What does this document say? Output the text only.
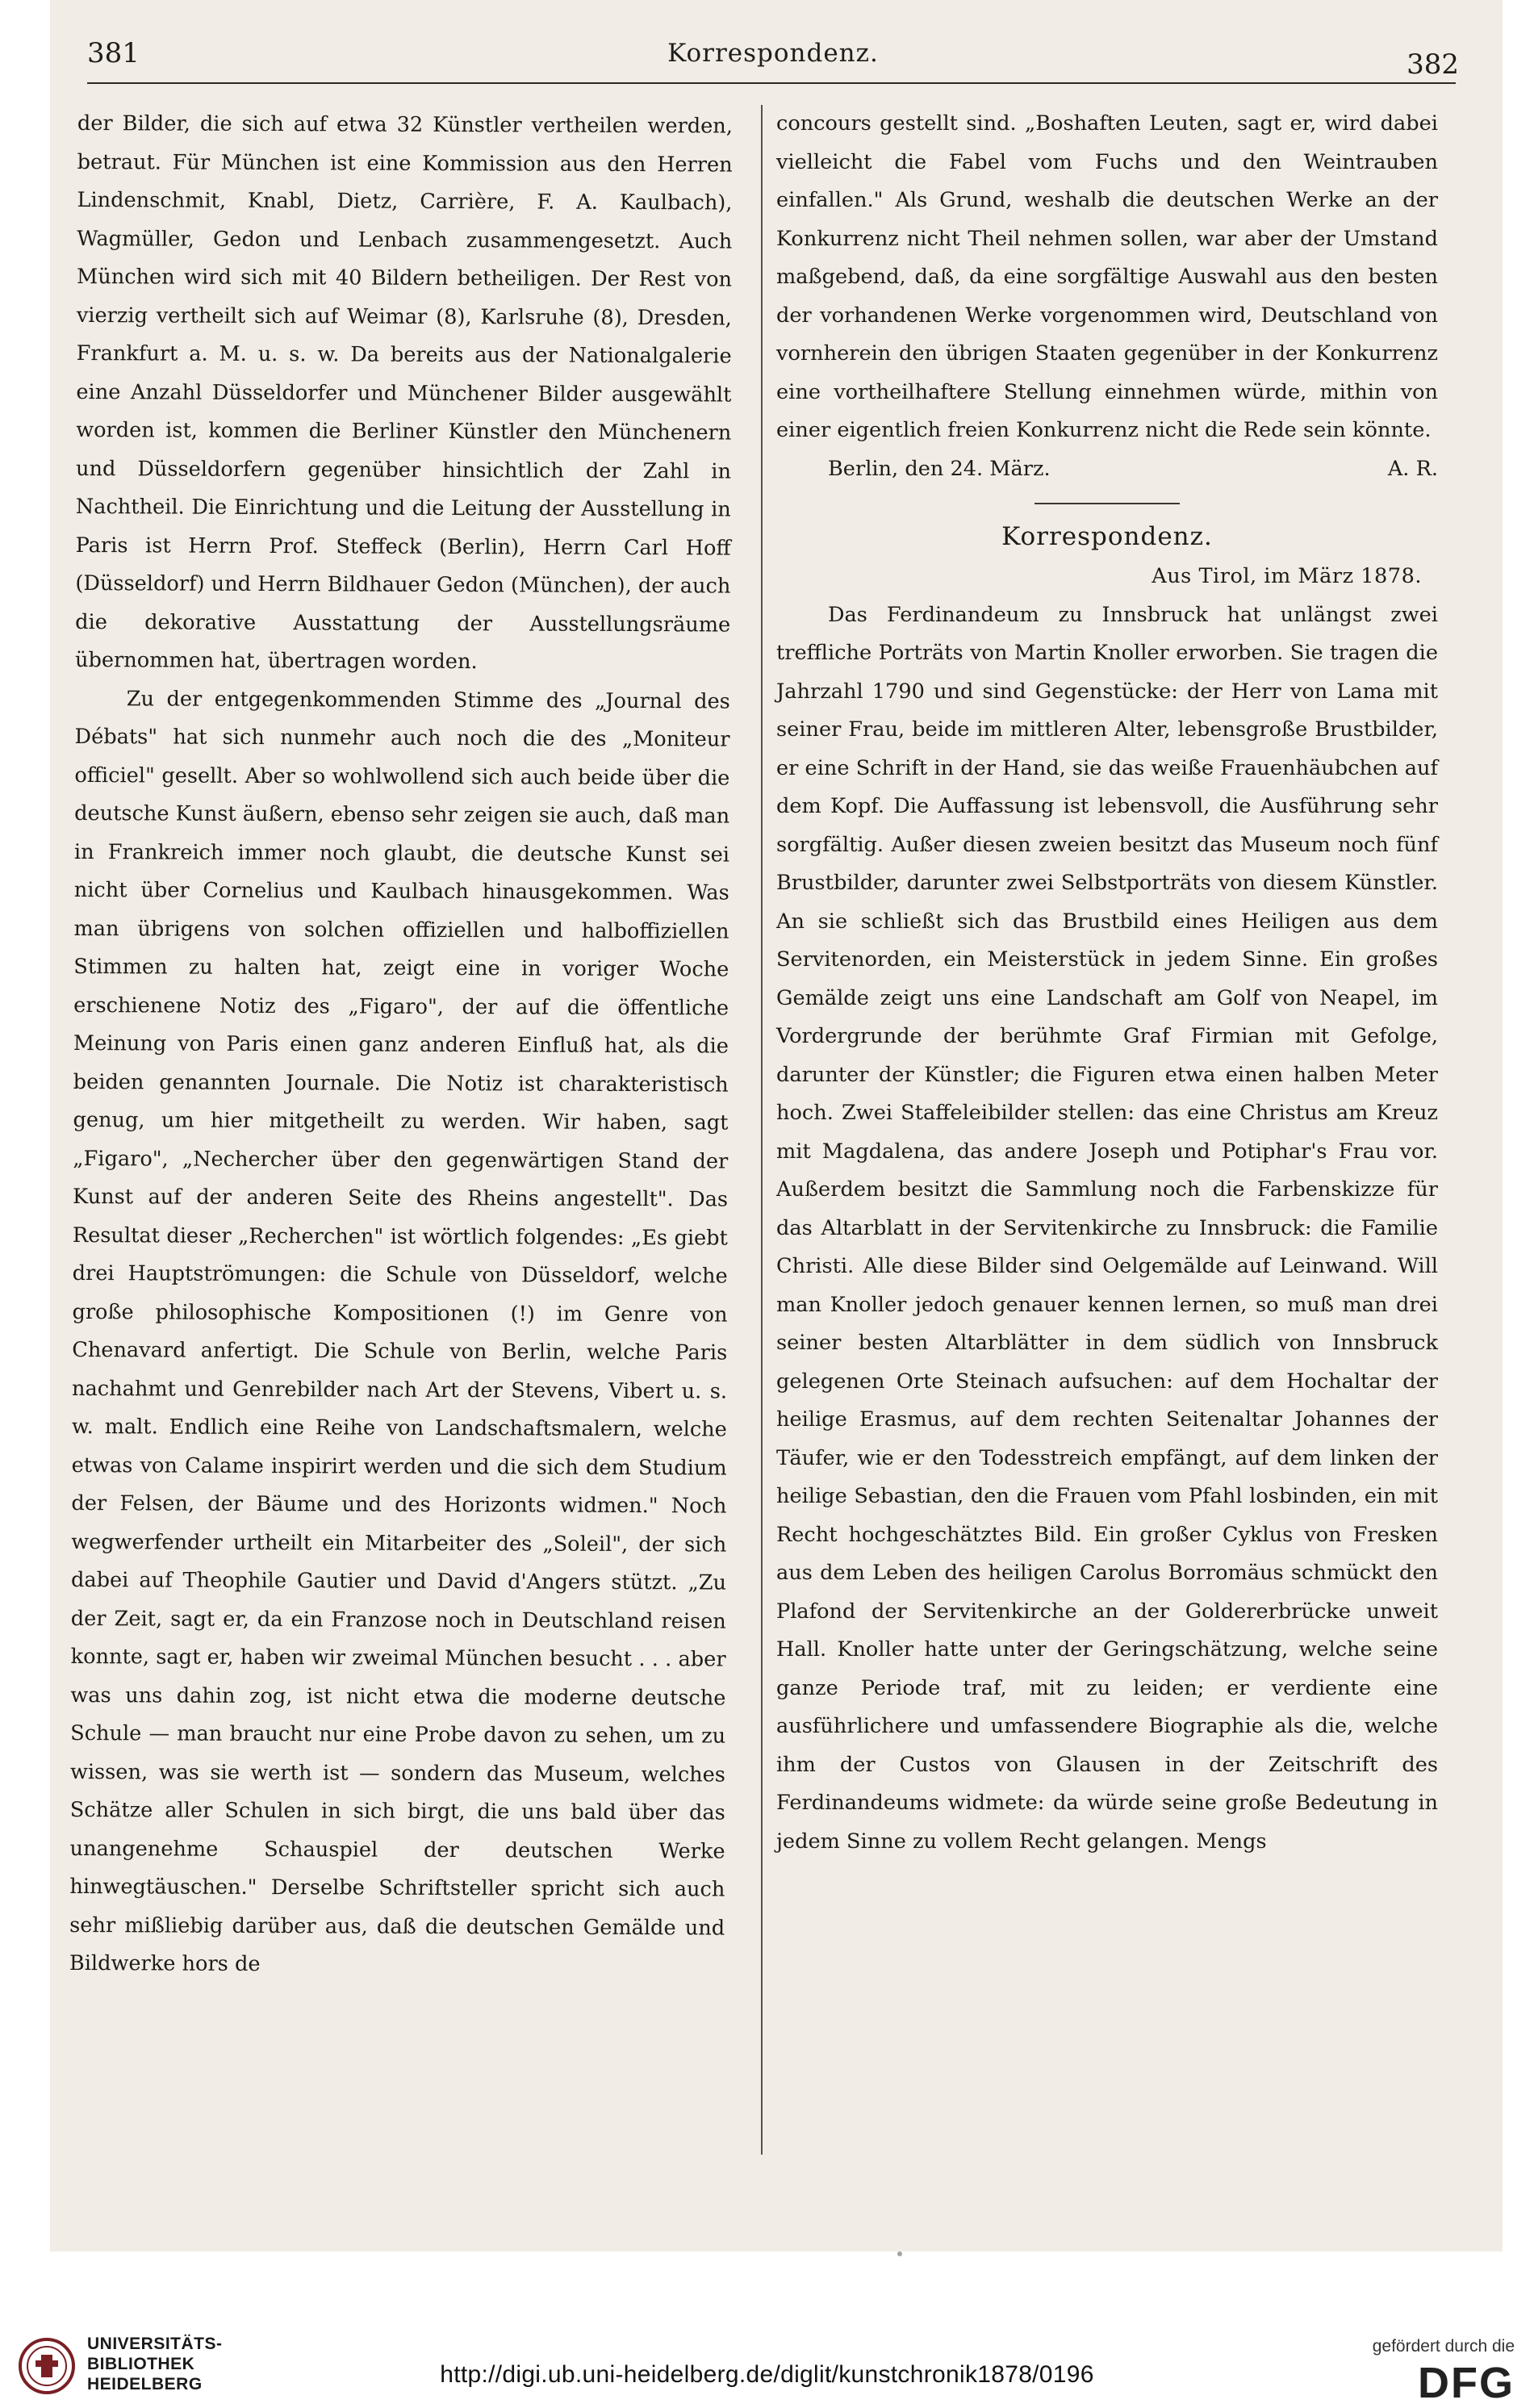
381	Korrespondenz.	382

der Bilder, die sich auf etwa 32 Künstler vertheilen werden, betraut. Für München ist eine Kommission aus den Herren Lindenschmit, Knabl, Dietz, Carrière, F. A. Kaulbach), Wagmüller, Gedon und Lenbach zusammengesetzt. Auch München wird sich mit 40 Bildern betheiligen. Der Rest von vierzig vertheilt sich auf Weimar (8), Karlsruhe (8), Dresden, Frankfurt a. M. u. s. w. Da bereits aus der Nationalgalerie eine Anzahl Düsseldorfer und Münchener Bilder ausgewählt worden ist, kommen die Berliner Künstler den Münchenern und Düsseldorfern gegenüber hinsichtlich der Zahl in Nachtheil. Die Einrichtung und die Leitung der Ausstellung in Paris ist Herrn Prof. Steffeck (Berlin), Herrn Carl Hoff (Düsseldorf) und Herrn Bildhauer Gedon (München), der auch die dekorative Ausstattung der Ausstellungsräume übernommen hat, übertragen worden.

Zu der entgegenkommenden Stimme des „Journal des Débats" hat sich nunmehr auch noch die des „Moniteur officiel" gesellt. Aber so wohlwollend sich auch beide über die deutsche Kunst äußern, ebenso sehr zeigen sie auch, daß man in Frankreich immer noch glaubt, die deutsche Kunst sei nicht über Cornelius und Kaulbach hinausgekommen. Was man übrigens von solchen offiziellen und halboffiziellen Stimmen zu halten hat, zeigt eine in voriger Woche erschienene Notiz des „Figaro", der auf die öffentliche Meinung von Paris einen ganz anderen Einfluß hat, als die beiden genannten Journale. Die Notiz ist charakteristisch genug, um hier mitgetheilt zu werden. Wir haben, sagt „Figaro", „Nechercher über den gegenwärtigen Stand der Kunst auf der anderen Seite des Rheins angestellt". Das Resultat dieser „Recherchen" ist wörtlich folgendes: „Es giebt drei Hauptströmungen: die Schule von Düsseldorf, welche große philosophische Kompositionen (!) im Genre von Chenavard anfertigt. Die Schule von Berlin, welche Paris nachahmt und Genrebilder nach Art der Stevens, Vibert u. s. w. malt. Endlich eine Reihe von Landschaftsmalern, welche etwas von Calame inspirirt werden und die sich dem Studium der Felsen, der Bäume und des Horizonts widmen." Noch wegwerfender urtheilt ein Mitarbeiter des „Soleil", der sich dabei auf Theophile Gautier und David d'Angers stützt. „Zu der Zeit, sagt er, da ein Franzose noch in Deutschland reisen konnte, sagt er, haben wir zweimal München besucht . . . aber was uns dahin zog, ist nicht etwa die moderne deutsche Schule — man braucht nur eine Probe davon zu sehen, um zu wissen, was sie werth ist — sondern das Museum, welches Schätze aller Schulen in sich birgt, die uns bald über das unangenehme Schauspiel der deutschen Werke hinwegtäuschen." Derselbe Schriftsteller spricht sich auch sehr mißliebig darüber aus, daß die deutschen Gemälde und Bildwerke hors de

concours gestellt sind. „Boshaften Leuten, sagt er, wird dabei vielleicht die Fabel vom Fuchs und den Weintrauben einfallen." Als Grund, weshalb die deutschen Werke an der Konkurrenz nicht Theil nehmen sollen, war aber der Umstand maßgebend, daß, da eine sorgfältige Auswahl aus den besten der vorhandenen Werke vorgenommen wird, Deutschland von vornherein den übrigen Staaten gegenüber in der Konkurrenz eine vortheilhaftere Stellung einnehmen würde, mithin von einer eigentlich freien Konkurrenz nicht die Rede sein könnte.

Berlin, den 24. März.	A. R.

Korrespondenz.

Aus Tirol, im März 1878.

Das Ferdinandeum zu Innsbruck hat unlängst zwei treffliche Porträts von Martin Knoller erworben. Sie tragen die Jahrzahl 1790 und sind Gegenstücke: der Herr von Lama mit seiner Frau, beide im mittleren Alter, lebensgroße Brustbilder, er eine Schrift in der Hand, sie das weiße Frauenhäubchen auf dem Kopf. Die Auffassung ist lebensvoll, die Ausführung sehr sorgfältig. Außer diesen zweien besitzt das Museum noch fünf Brustbilder, darunter zwei Selbstporträts von diesem Künstler. An sie schließt sich das Brustbild eines Heiligen aus dem Servitenorden, ein Meisterstück in jedem Sinne. Ein großes Gemälde zeigt uns eine Landschaft am Golf von Neapel, im Vordergrunde der berühmte Graf Firmian mit Gefolge, darunter der Künstler; die Figuren etwa einen halben Meter hoch. Zwei Staffeleibilder stellen: das eine Christus am Kreuz mit Magdalena, das andere Joseph und Potiphar's Frau vor. Außerdem besitzt die Sammlung noch die Farbenskizze für das Altarblatt in der Servitenkirche zu Innsbruck: die Familie Christi. Alle diese Bilder sind Oelgemälde auf Leinwand. Will man Knoller jedoch genauer kennen lernen, so muß man drei seiner besten Altarblätter in dem südlich von Innsbruck gelegenen Orte Steinach aufsuchen: auf dem Hochaltar der heilige Erasmus, auf dem rechten Seitenaltar Johannes der Täufer, wie er den Todesstreich empfängt, auf dem linken der heilige Sebastian, den die Frauen vom Pfahl losbinden, ein mit Recht hochgeschätztes Bild. Ein großer Cyklus von Fresken aus dem Leben des heiligen Carolus Borromäus schmückt den Plafond der Servitenkirche an der Goldererbrücke unweit Hall. Knoller hatte unter der Geringschätzung, welche seine ganze Periode traf, mit zu leiden; er verdiente eine ausführlichere und umfassendere Biographie als die, welche ihm der Custos von Glausen in der Zeitschrift des Ferdinandeums widmete: da würde seine große Bedeutung in jedem Sinne zu vollem Recht gelangen. Mengs

UNIVERSITÄTS-
BIBLIOTHEK
HEIDELBERG	http://digi.ub.uni-heidelberg.de/diglit/kunstchronik1878/0196
gefördert durch die
DFG
